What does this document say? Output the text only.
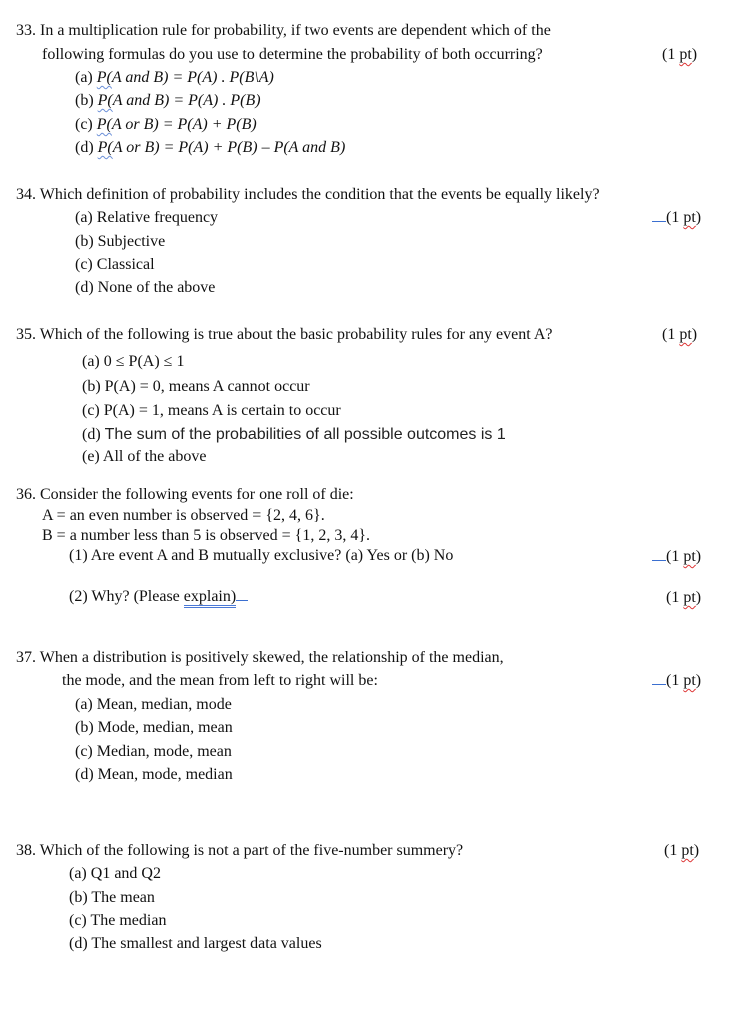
33. In a multiplication rule for probability, if two events are dependent which of the
following formulas do you use to determine the probability of both occurring?	(1 pt)
(a) P(A and B) = P(A) . P(B\A)
(b) P(A and B) = P(A) . P(B)
(c) P(A or B) = P(A) + P(B)
(d) P(A or B) = P(A) + P(B) – P(A and B)
34. Which definition of probability includes the condition that the events be equally likely?
(1 pt)
(a) Relative frequency
(b) Subjective
(c) Classical
(d) None of the above
35. Which of the following is true about the basic probability rules for any event A?	(1 pt)
(a) 0 ≤ P(A) ≤ 1
(b) P(A) = 0, means A cannot occur
(c) P(A) = 1, means A is certain to occur
(d) The sum of the probabilities of all possible outcomes is 1
(e) All of the above
36. Consider the following events for one roll of die:
A = an even number is observed = {2, 4, 6}.
B = a number less than 5 is observed = {1, 2, 3, 4}.
(1) Are event A and B mutually exclusive? (a) Yes or (b) No	(1 pt)
(2) Why? (Please explain)	(1 pt)
37. When a distribution is positively skewed, the relationship of the median,
the mode, and the mean from left to right will be:	(1 pt)
(a) Mean, median, mode
(b) Mode, median, mean
(c) Median, mode, mean
(d) Mean, mode, median
38. Which of the following is not a part of the five-number summery?	(1 pt)
(a) Q1 and Q2
(b) The mean
(c) The median
(d) The smallest and largest data values
